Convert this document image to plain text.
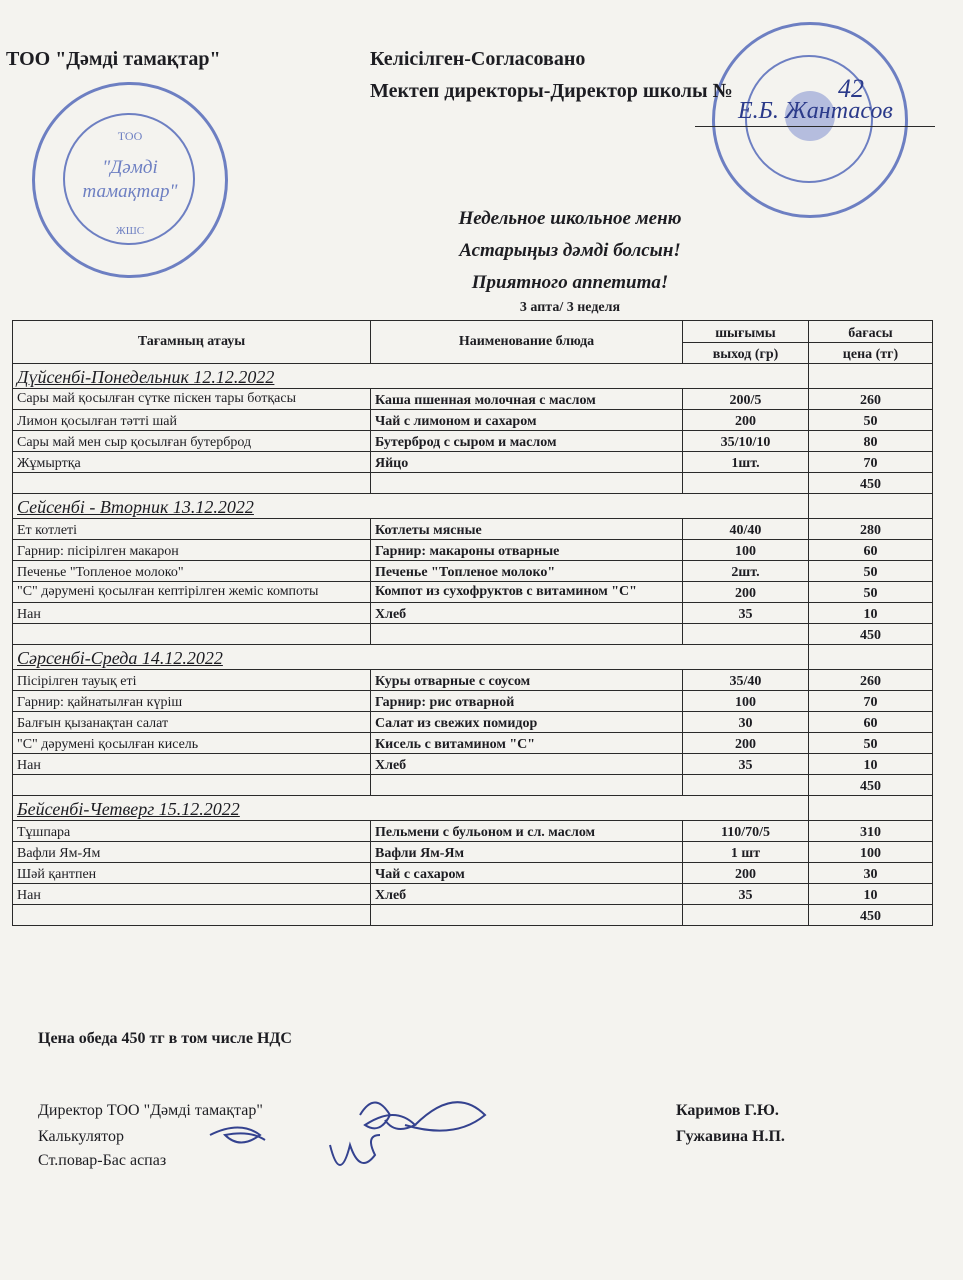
ТОО
"Дәмді
тамақтар"
ЖШС
ТОО "Дәмді тамақтар"	Келісілген-Согласовано
Мектеп директоры-Директор школы №	42
Е.Б. Жантасов
Недельное школьное меню
Астарыңыз дәмді болсын!
Приятного аппетита!
3 апта/ 3 неделя
Тағамның атауы	Наименование блюда	шығымы	бағасы
		выход (гр)	цена (тг)
Дүйсенбі-Понедельник 12.12.2022			
Сары май қосылған сүтке піскен тары ботқасы	Каша пшенная молочная с маслом	200/5	260
Лимон қосылған тәтті шай	Чай с лимоном и сахаром	200	50
Сары май мен сыр қосылған бутерброд	Бутерброд с сыром и маслом	35/10/10	80
Жұмыртқа	Яйцо	1шт.	70
			450
Сейсенбі - Вторник 13.12.2022			
Ет котлеті	Котлеты мясные	40/40	280
Гарнир: пісірілген макарон	Гарнир: макароны отварные	100	60
Печенье "Топленое молоко"	Печенье "Топленое молоко"	2шт.	50
"С" дәрумені қосылған кептірілген жеміс компоты	Компот из сухофруктов с витамином "С"	200	50
Нан	Хлеб	35	10
			450
Сәрсенбі-Среда 14.12.2022			
Пісірілген тауық еті	Куры отварные с соусом	35/40	260
Гарнир: қайнатылған күріш	Гарнир: рис отварной	100	70
Балғын қызанақтан салат	Салат из свежих помидор	30	60
"С" дәрумені қосылған кисель	Кисель с витамином "С"	200	50
Нан	Хлеб	35	10
			450
Бейсенбі-Четверг 15.12.2022			
Тұшпара	Пельмени с бульоном и сл. маслом	110/70/5	310
Вафли Ям-Ям	Вафли Ям-Ям	1 шт	100
Шәй қантпен	Чай с сахаром	200	30
Нан	Хлеб	35	10
			450
Цена обеда 450 тг в том числе НДС
Директор ТОО "Дәмді тамақтар"	Каримов Г.Ю.
Калькулятор	Гужавина Н.П.
Ст.повар-Бас аспаз
